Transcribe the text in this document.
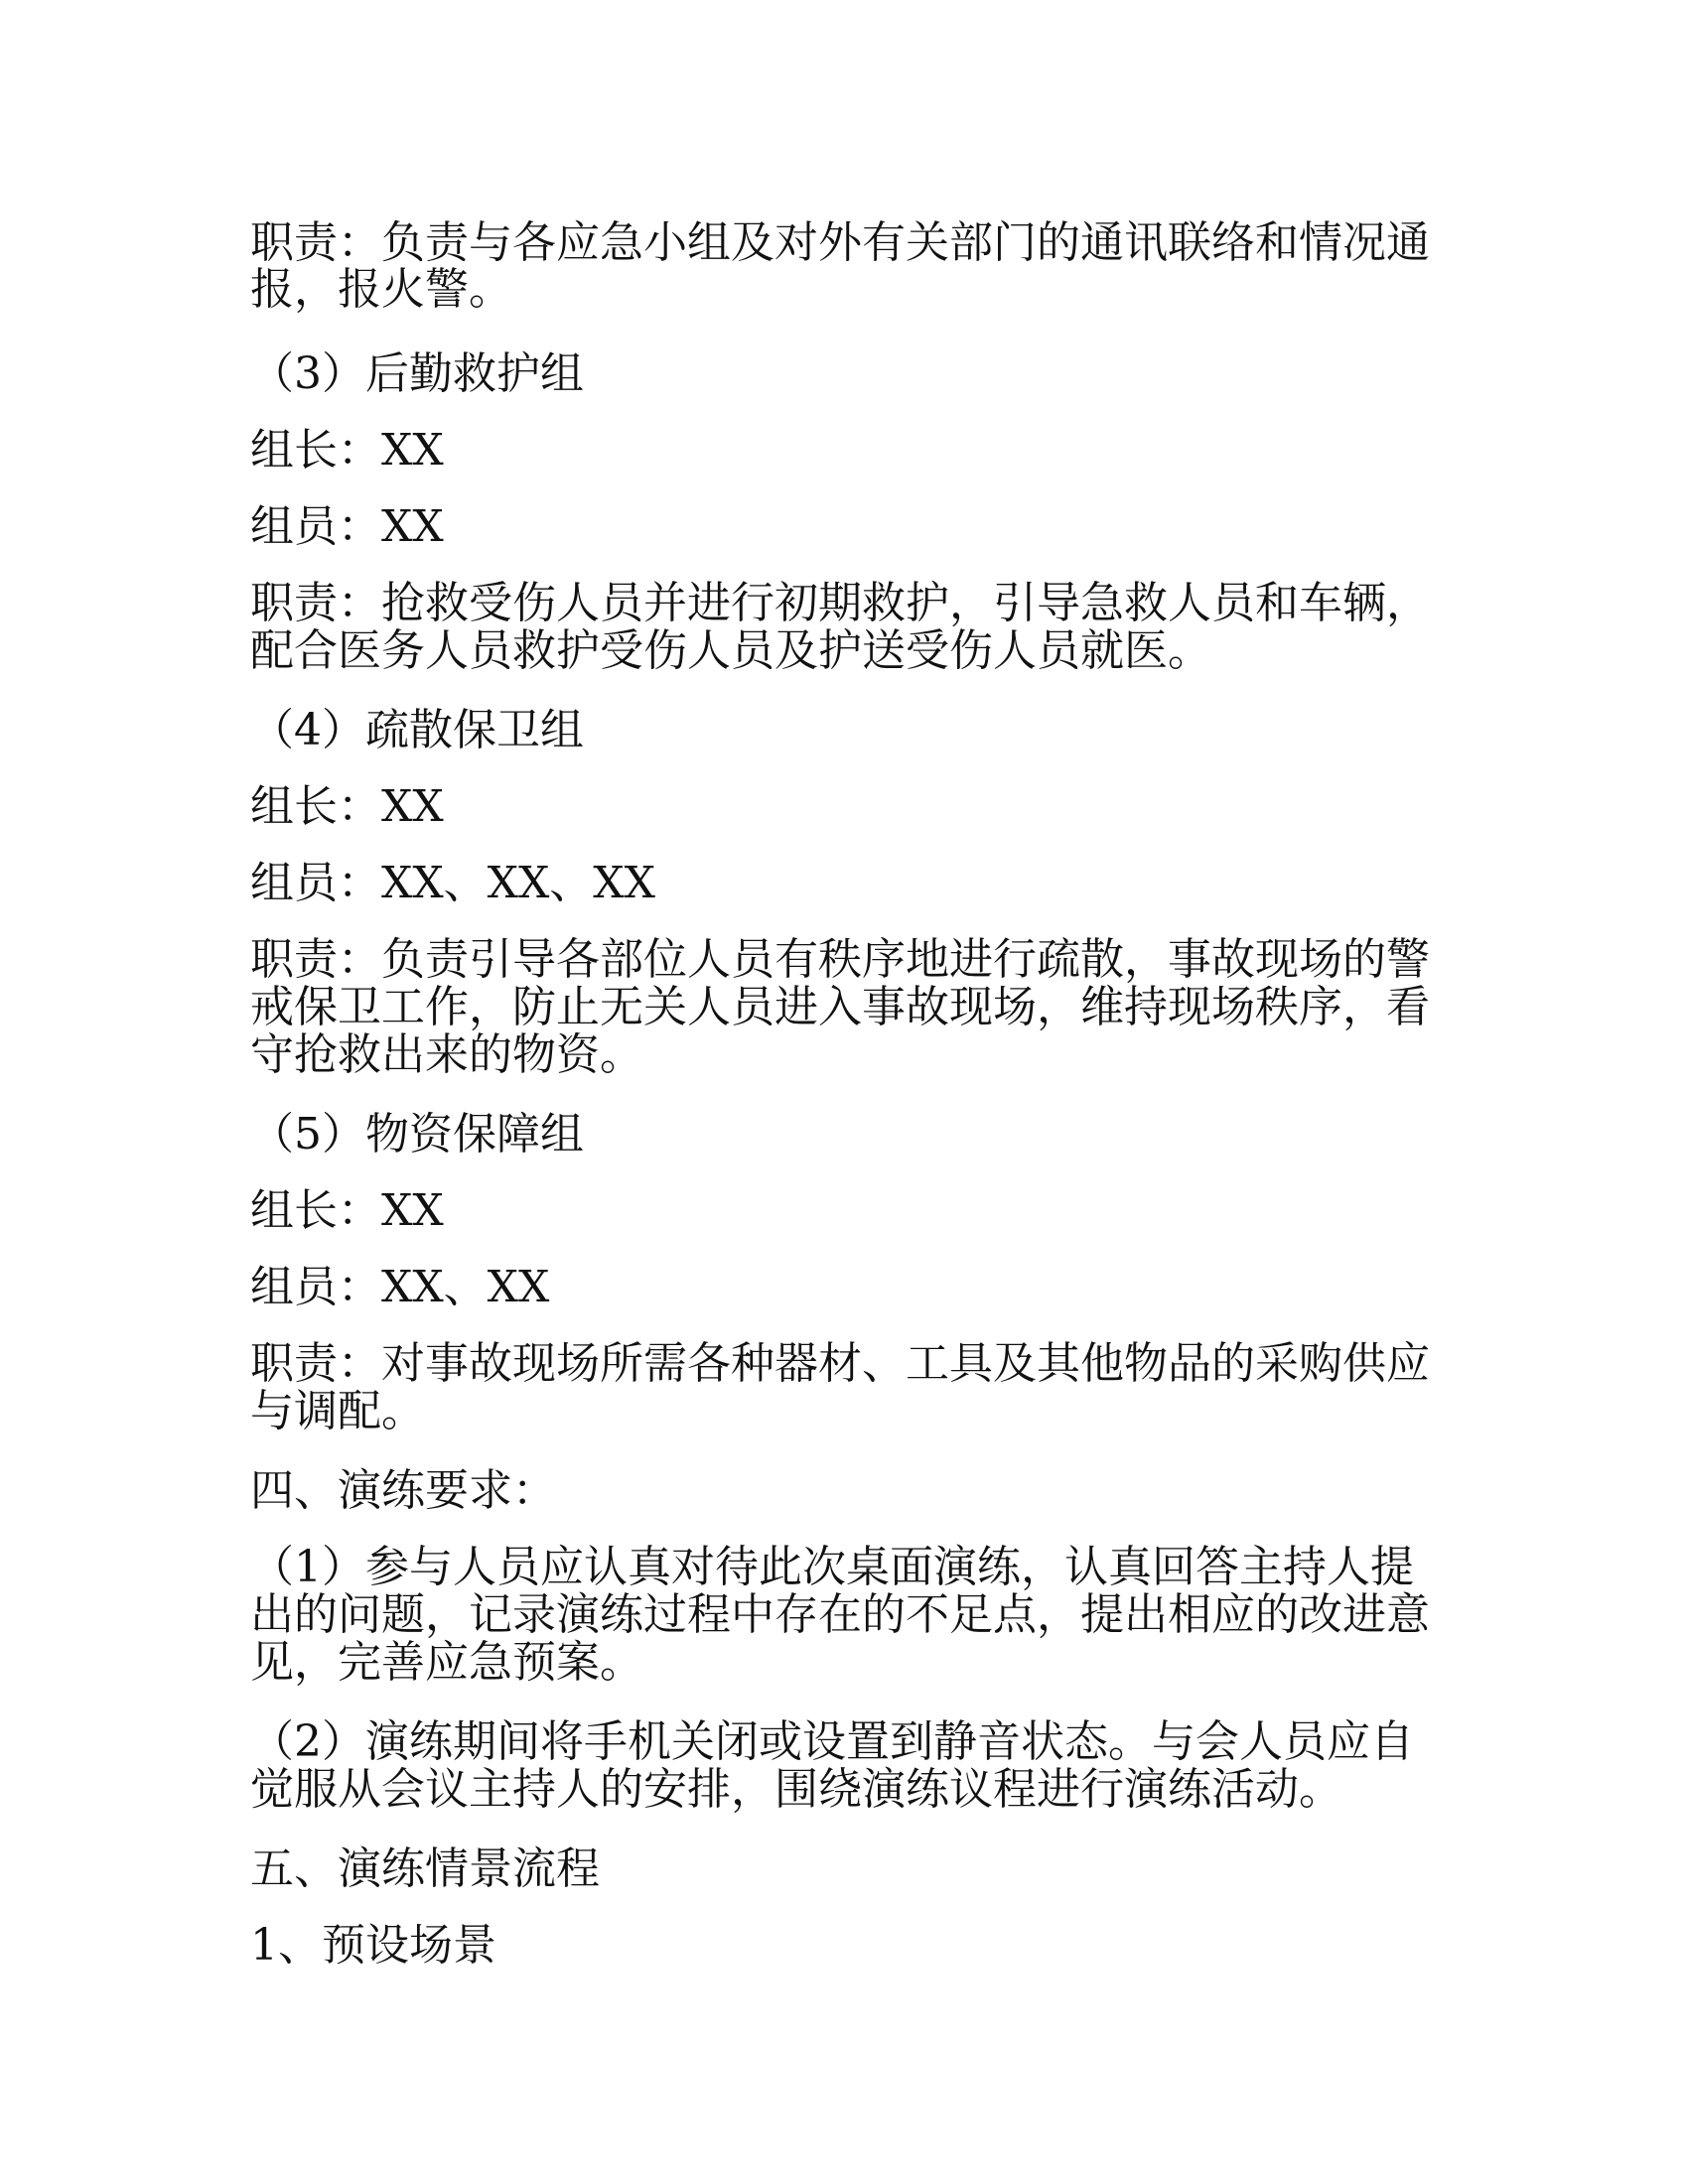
职责：负责与各应急小组及对外有关部门的通讯联络和情况通
报，报火警。
（3）后勤救护组
组长：XX
组员：XX
职责：抢救受伤人员并进行初期救护，引导急救人员和车辆，
配合医务人员救护受伤人员及护送受伤人员就医。
（4）疏散保卫组
组长：XX
组员：XX、XX、XX
职责：负责引导各部位人员有秩序地进行疏散，事故现场的警
戒保卫工作，防止无关人员进入事故现场，维持现场秩序，看
守抢救出来的物资。
（5）物资保障组
组长：XX
组员：XX、XX
职责：对事故现场所需各种器材、工具及其他物品的采购供应
与调配。
四、演练要求：
（1）参与人员应认真对待此次桌面演练，认真回答主持人提
出的问题，记录演练过程中存在的不足点，提出相应的改进意
见，完善应急预案。
（2）演练期间将手机关闭或设置到静音状态。与会人员应自
觉服从会议主持人的安排，围绕演练议程进行演练活动。
五、演练情景流程
1、预设场景
